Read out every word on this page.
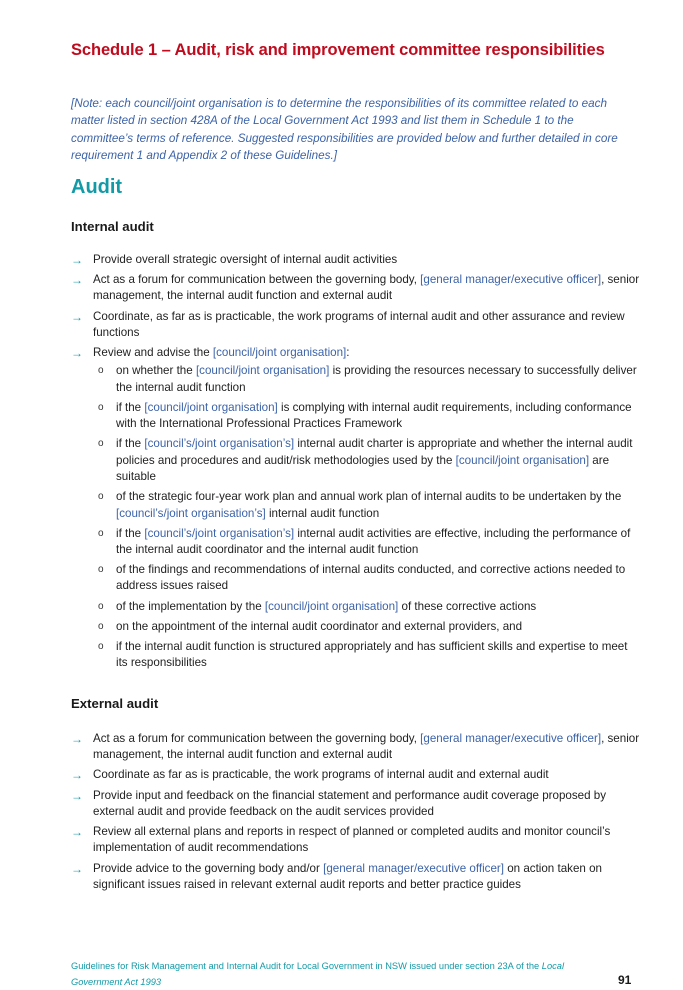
Schedule 1 – Audit, risk and improvement committee responsibilities
[Note: each council/joint organisation is to determine the responsibilities of its committee related to each matter listed in section 428A of the Local Government Act 1993 and list them in Schedule 1 to the committee’s terms of reference. Suggested responsibilities are provided below and further detailed in core requirement 1 and Appendix 2 of these Guidelines.]
Audit
Internal audit
→ Provide overall strategic oversight of internal audit activities
→ Act as a forum for communication between the governing body, [general manager/executive officer], senior management, the internal audit function and external audit
→ Coordinate, as far as is practicable, the work programs of internal audit and other assurance and review functions
→ Review and advise the [council/joint organisation]:
o on whether the [council/joint organisation] is providing the resources necessary to successfully deliver the internal audit function
o if the [council/joint organisation] is complying with internal audit requirements, including conformance with the International Professional Practices Framework
o if the [council’s/joint organisation’s] internal audit charter is appropriate and whether the internal audit policies and procedures and audit/risk methodologies used by the [council/joint organisation] are suitable
o of the strategic four-year work plan and annual work plan of internal audits to be undertaken by the [council’s/joint organisation’s] internal audit function
o if the [council’s/joint organisation’s] internal audit activities are effective, including the performance of the internal audit coordinator and the internal audit function
o of the findings and recommendations of internal audits conducted, and corrective actions needed to address issues raised
o of the implementation by the [council/joint organisation] of these corrective actions
o on the appointment of the internal audit coordinator and external providers, and
o if the internal audit function is structured appropriately and has sufficient skills and expertise to meet its responsibilities
External audit
→ Act as a forum for communication between the governing body, [general manager/executive officer], senior management, the internal audit function and external audit
→ Coordinate as far as is practicable, the work programs of internal audit and external audit
→ Provide input and feedback on the financial statement and performance audit coverage proposed by external audit and provide feedback on the audit services provided
→ Review all external plans and reports in respect of planned or completed audits and monitor council’s implementation of audit recommendations
→ Provide advice to the governing body and/or [general manager/executive officer] on action taken on significant issues raised in relevant external audit reports and better practice guides
Guidelines for Risk Management and Internal Audit for Local Government in NSW issued under section 23A of the Local Government Act 1993	91
